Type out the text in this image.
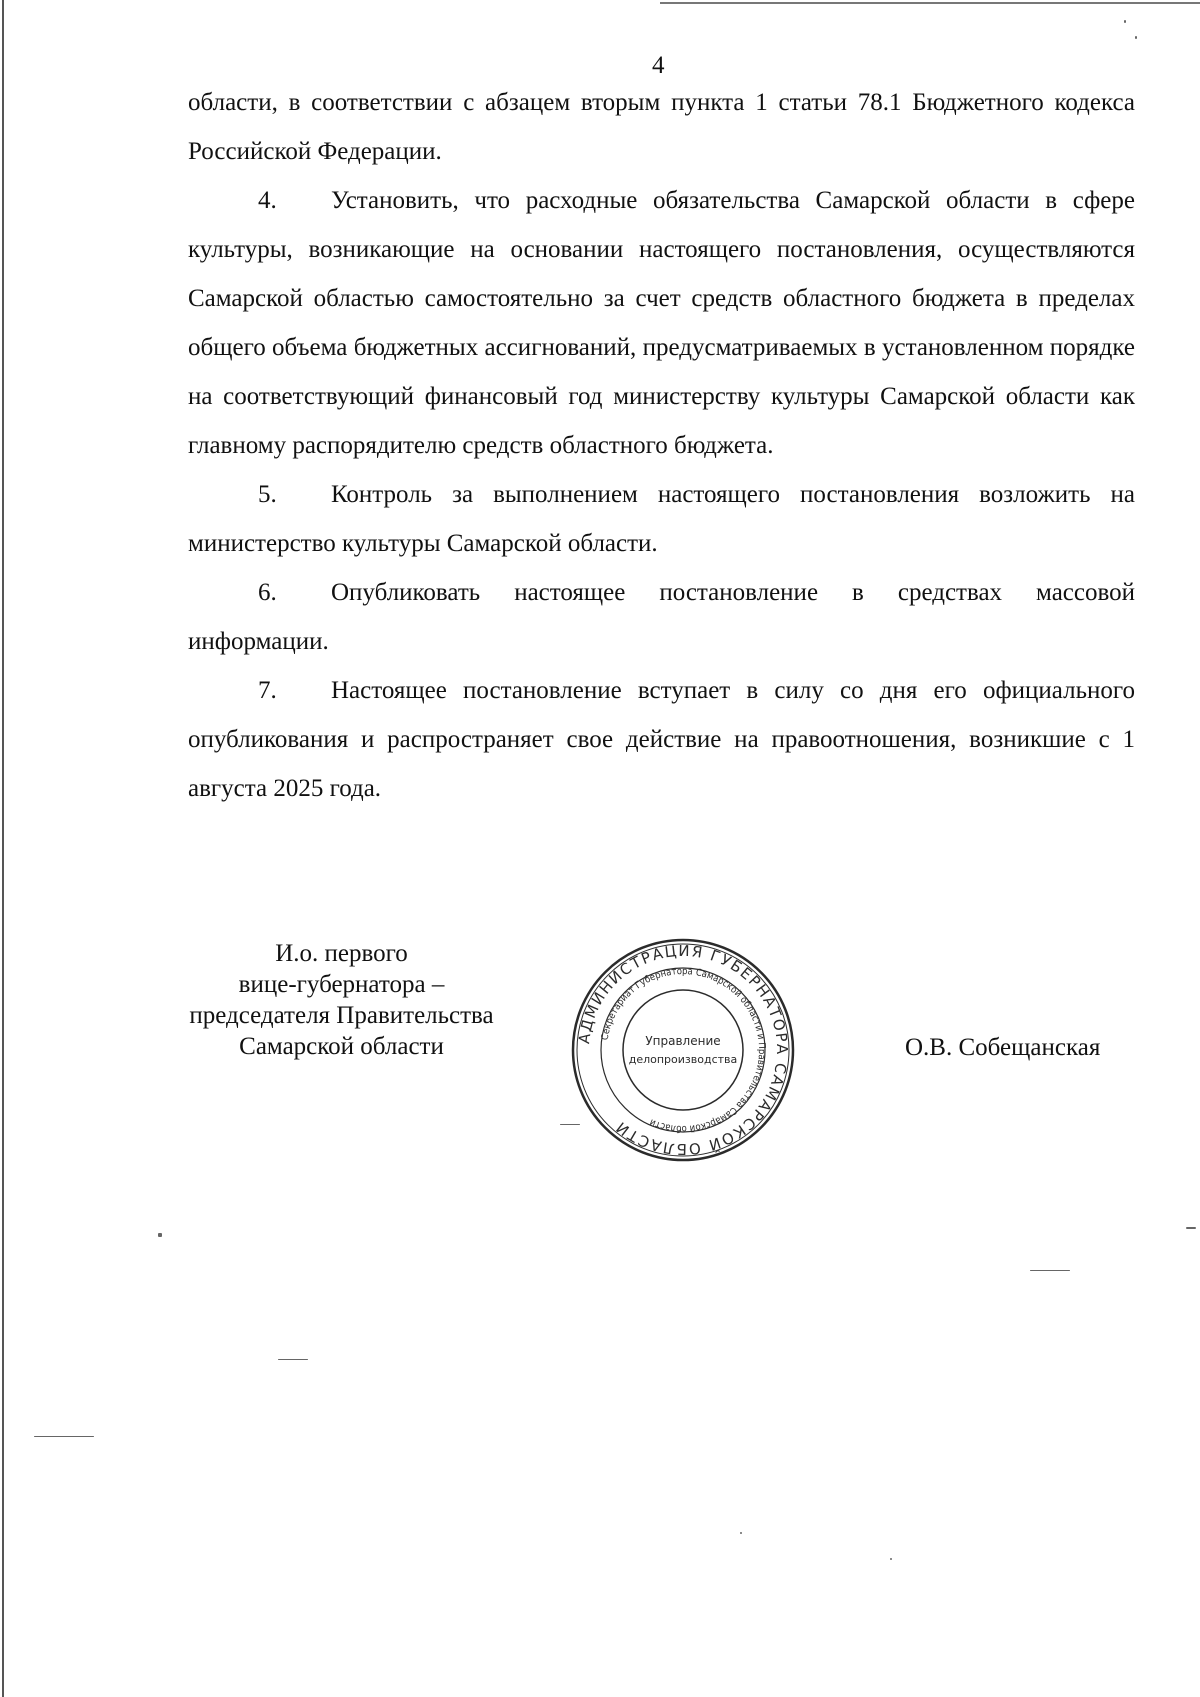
4

области, в соответствии с абзацем вторым пункта 1 статьи 78.1 Бюджетного кодекса Российской Федерации.

4. Установить, что расходные обязательства Самарской области в сфере культуры, возникающие на основании настоящего постановления, осуществляются Самарской областью самостоятельно за счет средств областного бюджета в пределах общего объема бюджетных ассигнований, предусматриваемых в установленном порядке на соответствующий финансовый год министерству культуры Самарской области как главному распорядителю средств областного бюджета.

5. Контроль за выполнением настоящего постановления возложить на министерство культуры Самарской области.

6. Опубликовать настоящее постановление в средствах массовой информации.

7. Настоящее постановление вступает в силу со дня его официального опубликования и распространяет свое действие на правоотношения, возникшие с 1 августа 2025 года.

И.о. первого
вице-губернатора –
председателя Правительства
Самарской области	АДМИНИСТРАЦИЯ ГУБЕРНАТОРА САМАРСКОЙ ОБЛАСТИ
Секретариат Губернатора Самарской области и Правительства Самарской области
Управление
делопроизводства	О.В. Собещанская
